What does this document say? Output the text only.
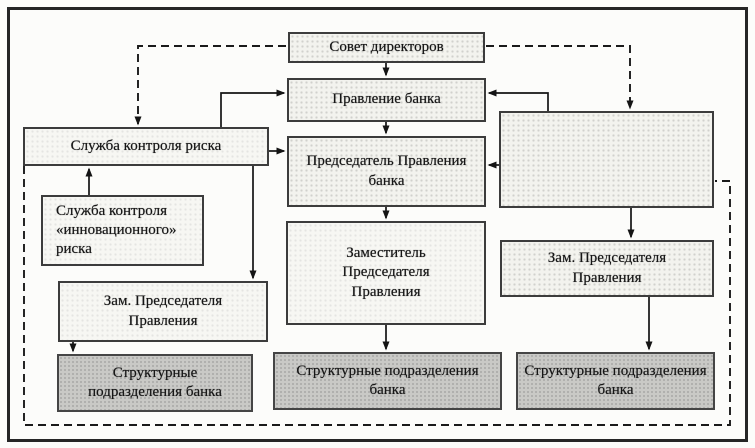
Совет директоров
Правление банка
Председатель Правления банка
Заместитель Председателя Правления
Структурные подразделения банка
Служба контроля риска
Служба контроля «инновационного» риска
Зам. Председателя Правления
Структурные подразделения банка
Зам. Председателя Правления
Структурные подразделения банка
